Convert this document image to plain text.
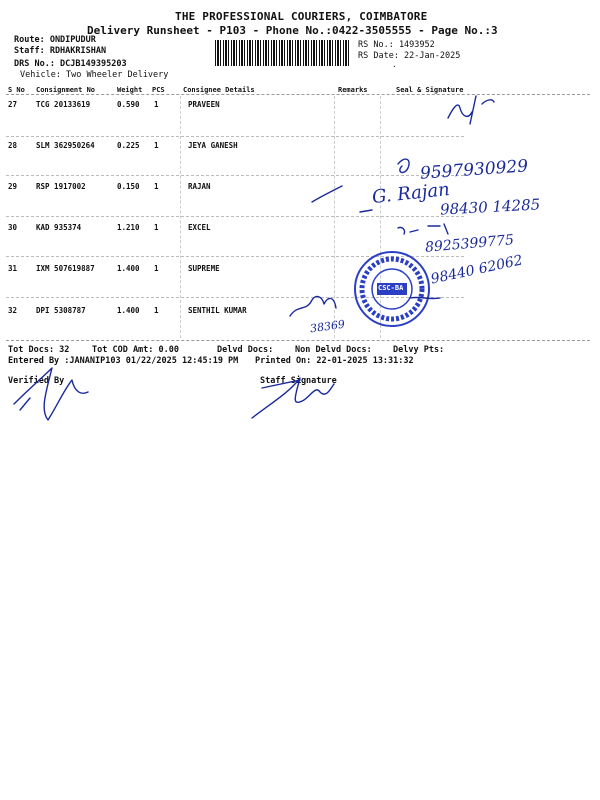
THE PROFESSIONAL COURIERS, COIMBATORE
Delivery Runsheet - P103 - Phone No.:0422-3505555 - Page No.:3
Route: ONDIPUDUR
Staff: RDHAKRISHAN
DRS No.: DCJB149395203
Vehicle: Two Wheeler Delivery
RS No.: 1493952
RS Date: 22-Jan-2025
·
S No Consignment No	Weight PCS	Consignee Details	Remarks	Seal & Signature
27	TCG 20133619	0.590 1	PRAVEEN
28	SLM 362950264	0.225 1	JEYA GANESH
29	RSP 1917002	0.150 1	RAJAN
30	KAD 935374	1.210 1	EXCEL
31	IXM 507619887	1.400 1	SUPREME
32	DPI 5308787	1.400 1	SENTHIL KUMAR
Tot Docs: 32	Tot COD Amt: 0.00	Delvd Docs:	Non Delvd Docs: Delvy Pts:
Entered By :JANANIP103 01/22/2025 12:45:19 PM Printed On: 22-01-2025 13:31:32
Verified By	Staff Signature
CSC-BA
9597930929
G. Rajan
98430 14285
8925399775
98440 62062
38369
